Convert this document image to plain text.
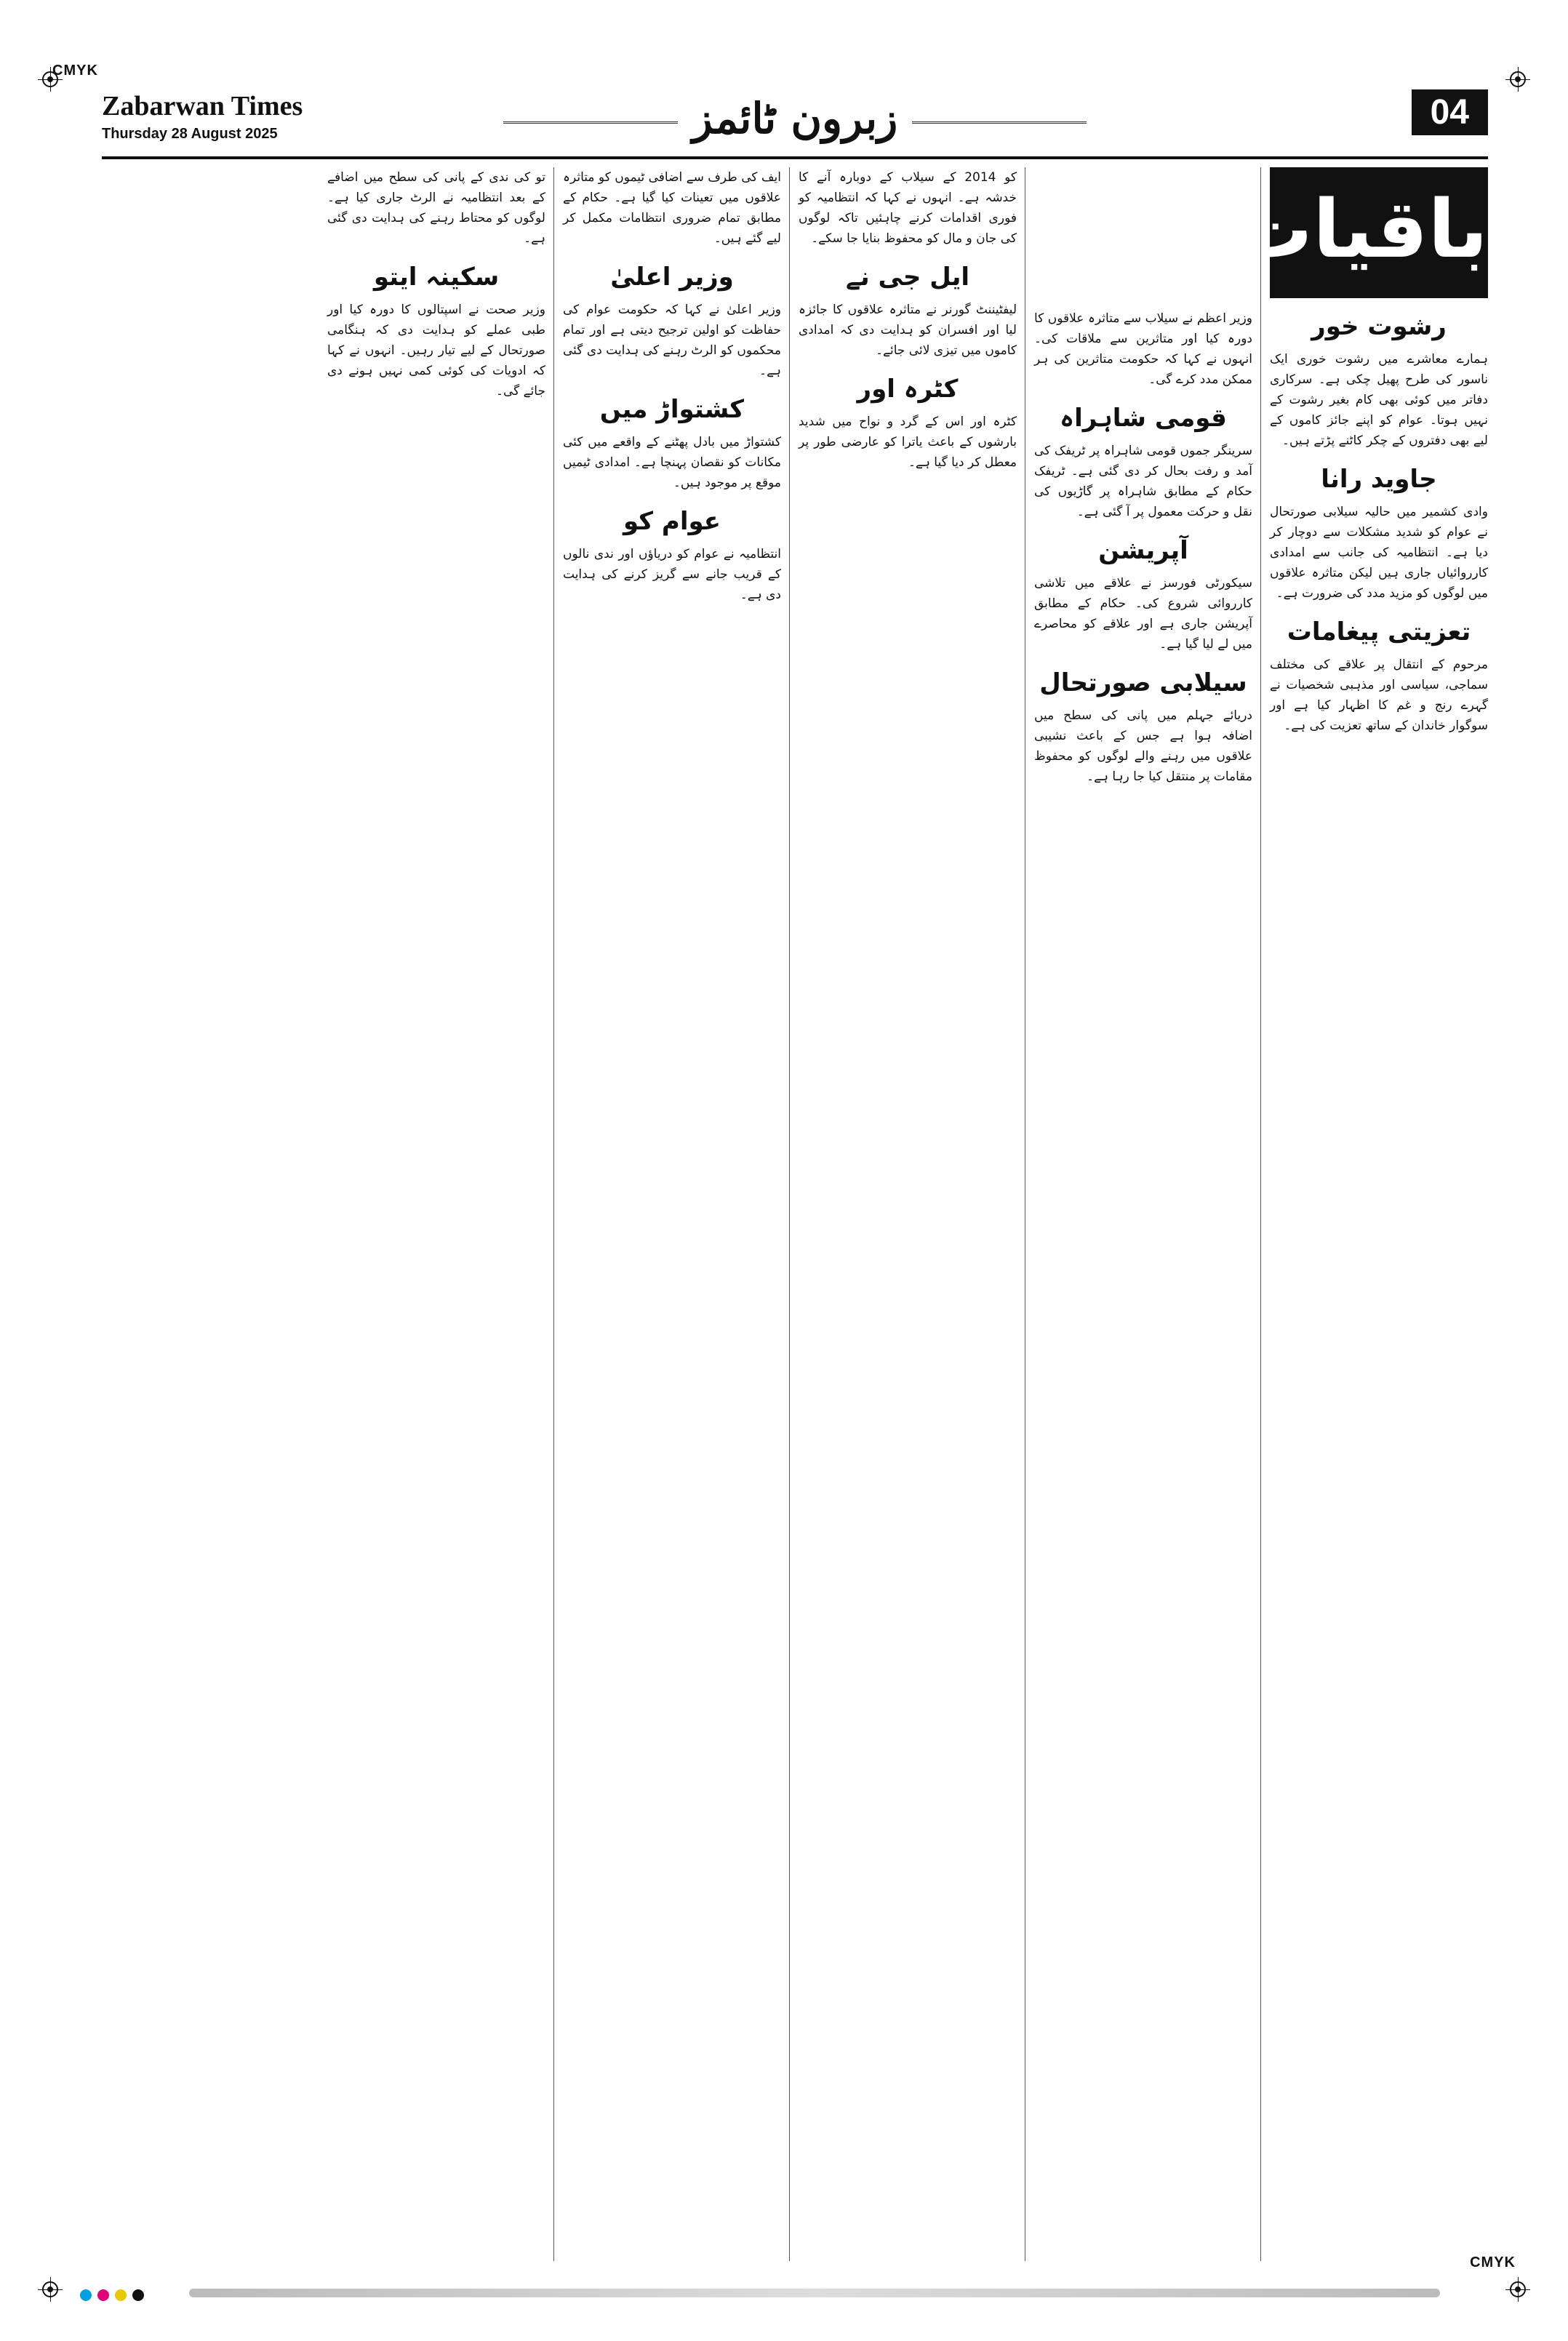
CMYK
CMYK
Zabarwan Times
Thursday 28 August 2025	زبرون ٹائمز	04
باقیات
رشوت خور

ہمارے معاشرے میں رشوت خوری ایک ناسور کی طرح پھیل چکی ہے۔ سرکاری دفاتر میں کوئی بھی کام بغیر رشوت کے نہیں ہوتا۔ عوام کو اپنے جائز کاموں کے لیے بھی دفتروں کے چکر کاٹنے پڑتے ہیں۔

جاوید رانا

وادی کشمیر میں حالیہ سیلابی صورتحال نے عوام کو شدید مشکلات سے دوچار کر دیا ہے۔ انتظامیہ کی جانب سے امدادی کارروائیاں جاری ہیں لیکن متاثرہ علاقوں میں لوگوں کو مزید مدد کی ضرورت ہے۔

تعزیتی پیغامات

مرحوم کے انتقال پر علاقے کی مختلف سماجی، سیاسی اور مذہبی شخصیات نے گہرے رنج و غم کا اظہار کیا ہے اور سوگوار خاندان کے ساتھ تعزیت کی ہے۔

وزیر اعظم نے سیلاب سے متاثرہ علاقوں کا دورہ کیا اور متاثرین سے ملاقات کی۔ انہوں نے کہا کہ حکومت متاثرین کی ہر ممکن مدد کرے گی۔

قومی شاہراہ

سرینگر جموں قومی شاہراہ پر ٹریفک کی آمد و رفت بحال کر دی گئی ہے۔ ٹریفک حکام کے مطابق شاہراہ پر گاڑیوں کی نقل و حرکت معمول پر آ گئی ہے۔

آپریشن

سیکورٹی فورسز نے علاقے میں تلاشی کارروائی شروع کی۔ حکام کے مطابق آپریشن جاری ہے اور علاقے کو محاصرے میں لے لیا گیا ہے۔

سیلابی صورتحال

دریائے جہلم میں پانی کی سطح میں اضافہ ہوا ہے جس کے باعث نشیبی علاقوں میں رہنے والے لوگوں کو محفوظ مقامات پر منتقل کیا جا رہا ہے۔

کو 2014 کے سیلاب کے دوبارہ آنے کا خدشہ ہے۔ انہوں نے کہا کہ انتظامیہ کو فوری اقدامات کرنے چاہئیں تاکہ لوگوں کی جان و مال کو محفوظ بنایا جا سکے۔

ایل جی نے

لیفٹیننٹ گورنر نے متاثرہ علاقوں کا جائزہ لیا اور افسران کو ہدایت دی کہ امدادی کاموں میں تیزی لائی جائے۔

کٹرہ اور

کٹرہ اور اس کے گرد و نواح میں شدید بارشوں کے باعث یاترا کو عارضی طور پر معطل کر دیا گیا ہے۔

ایف کی طرف سے اضافی ٹیموں کو متاثرہ علاقوں میں تعینات کیا گیا ہے۔ حکام کے مطابق تمام ضروری انتظامات مکمل کر لیے گئے ہیں۔

وزیر اعلیٰ

وزیر اعلیٰ نے کہا کہ حکومت عوام کی حفاظت کو اولین ترجیح دیتی ہے اور تمام محکموں کو الرٹ رہنے کی ہدایت دی گئی ہے۔

کشتواڑ میں

کشتواڑ میں بادل پھٹنے کے واقعے میں کئی مکانات کو نقصان پہنچا ہے۔ امدادی ٹیمیں موقع پر موجود ہیں۔

عوام کو

انتظامیہ نے عوام کو دریاؤں اور ندی نالوں کے قریب جانے سے گریز کرنے کی ہدایت دی ہے۔

تو کی ندی کے پانی کی سطح میں اضافے کے بعد انتظامیہ نے الرٹ جاری کیا ہے۔ لوگوں کو محتاط رہنے کی ہدایت دی گئی ہے۔

سکینہ ایتو

وزیر صحت نے اسپتالوں کا دورہ کیا اور طبی عملے کو ہدایت دی کہ ہنگامی صورتحال کے لیے تیار رہیں۔ انہوں نے کہا کہ ادویات کی کوئی کمی نہیں ہونے دی جائے گی۔
